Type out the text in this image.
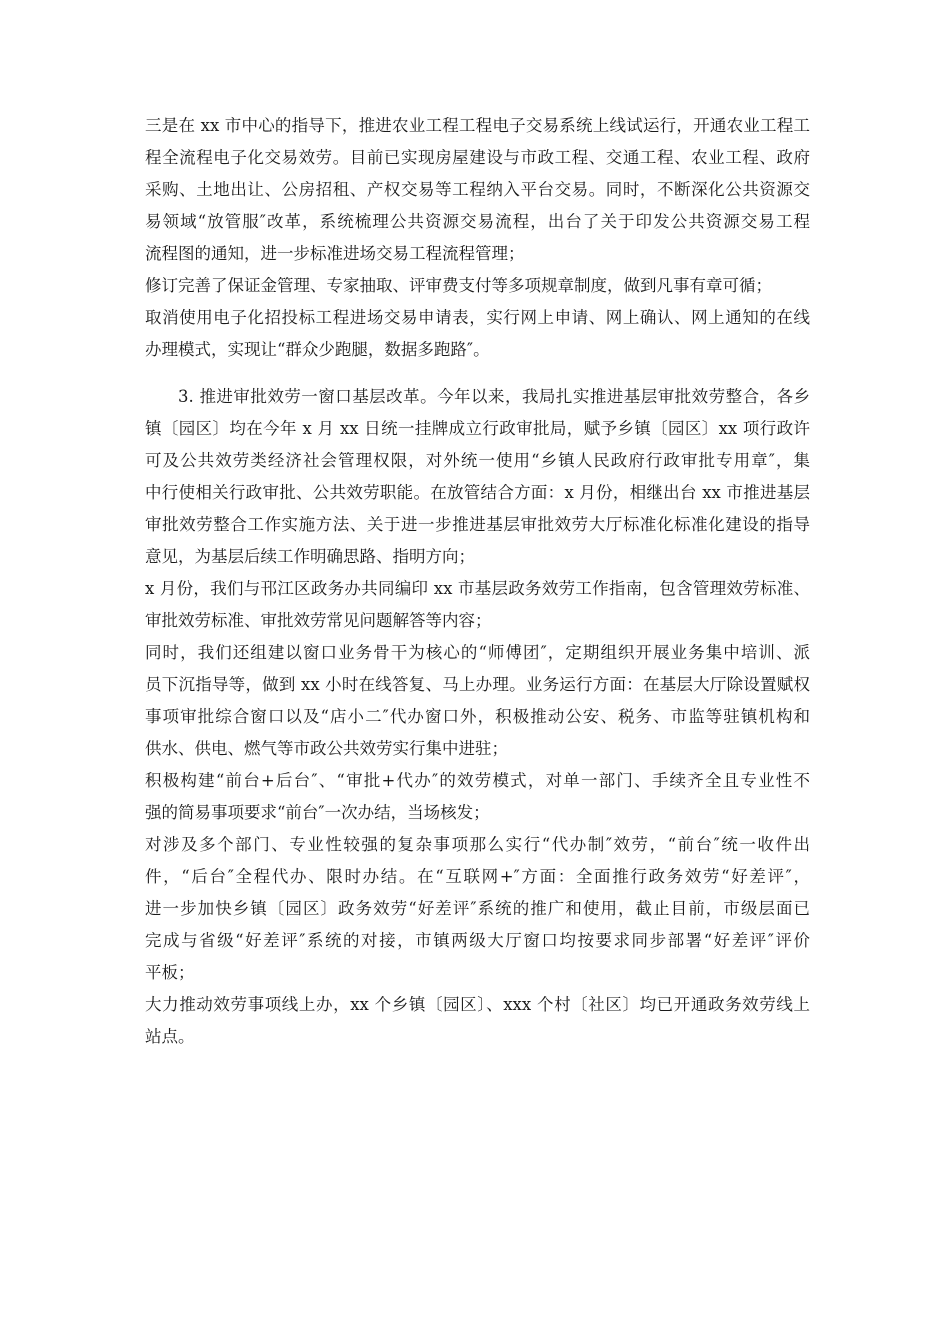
三是在 xx 市中心的指导下，推进农业工程工程电子交易系统上线试运行，开通农业工程工
程全流程电子化交易效劳。目前已实现房屋建设与市政工程、交通工程、农业工程、政府
采购、土地出让、公房招租、产权交易等工程纳入平台交易。同时，不断深化公共资源交
易领域“放管服″改革，系统梳理公共资源交易流程，出台了关于印发公共资源交易工程
流程图的通知，进一步标准进场交易工程流程管理；
修订完善了保证金管理、专家抽取、评审费支付等多项规章制度，做到凡事有章可循；
取消使用电子化招投标工程进场交易申请表，实行网上申请、网上确认、网上通知的在线
办理模式，实现让“群众少跑腿，数据多跑路″。
3. 推进审批效劳一窗口基层改革。今年以来，我局扎实推进基层审批效劳整合，各乡
镇〔园区〕均在今年 x 月 xx 日统一挂牌成立行政审批局，赋予乡镇〔园区〕xx 项行政许
可及公共效劳类经济社会管理权限，对外统一使用“乡镇人民政府行政审批专用章″，集
中行使相关行政审批、公共效劳职能。在放管结合方面：x 月份，相继出台 xx 市推进基层
审批效劳整合工作实施方法、关于进一步推进基层审批效劳大厅标准化标准化建设的指导
意见，为基层后续工作明确思路、指明方向；
x 月份，我们与邗江区政务办共同编印 xx 市基层政务效劳工作指南，包含管理效劳标准、
审批效劳标准、审批效劳常见问题解答等内容；
同时，我们还组建以窗口业务骨干为核心的“师傅团″，定期组织开展业务集中培训、派
员下沉指导等，做到 xx 小时在线答复、马上办理。业务运行方面：在基层大厅除设置赋权
事项审批综合窗口以及“店小二″代办窗口外，积极推动公安、税务、市监等驻镇机构和
供水、供电、燃气等市政公共效劳实行集中进驻；
积极构建“前台+后台″、“审批+代办″的效劳模式，对单一部门、手续齐全且专业性不
强的简易事项要求“前台″一次办结，当场核发；
对涉及多个部门、专业性较强的复杂事项那么实行“代办制″效劳，“前台″统一收件出
件，“后台″全程代办、限时办结。在“互联网+″方面：全面推行政务效劳“好差评″，
进一步加快乡镇〔园区〕政务效劳“好差评″系统的推广和使用，截止目前，市级层面已
完成与省级“好差评″系统的对接，市镇两级大厅窗口均按要求同步部署“好差评″评价
平板；
大力推动效劳事项线上办，xx 个乡镇〔园区〕、xxx 个村〔社区〕均已开通政务效劳线上
站点。
